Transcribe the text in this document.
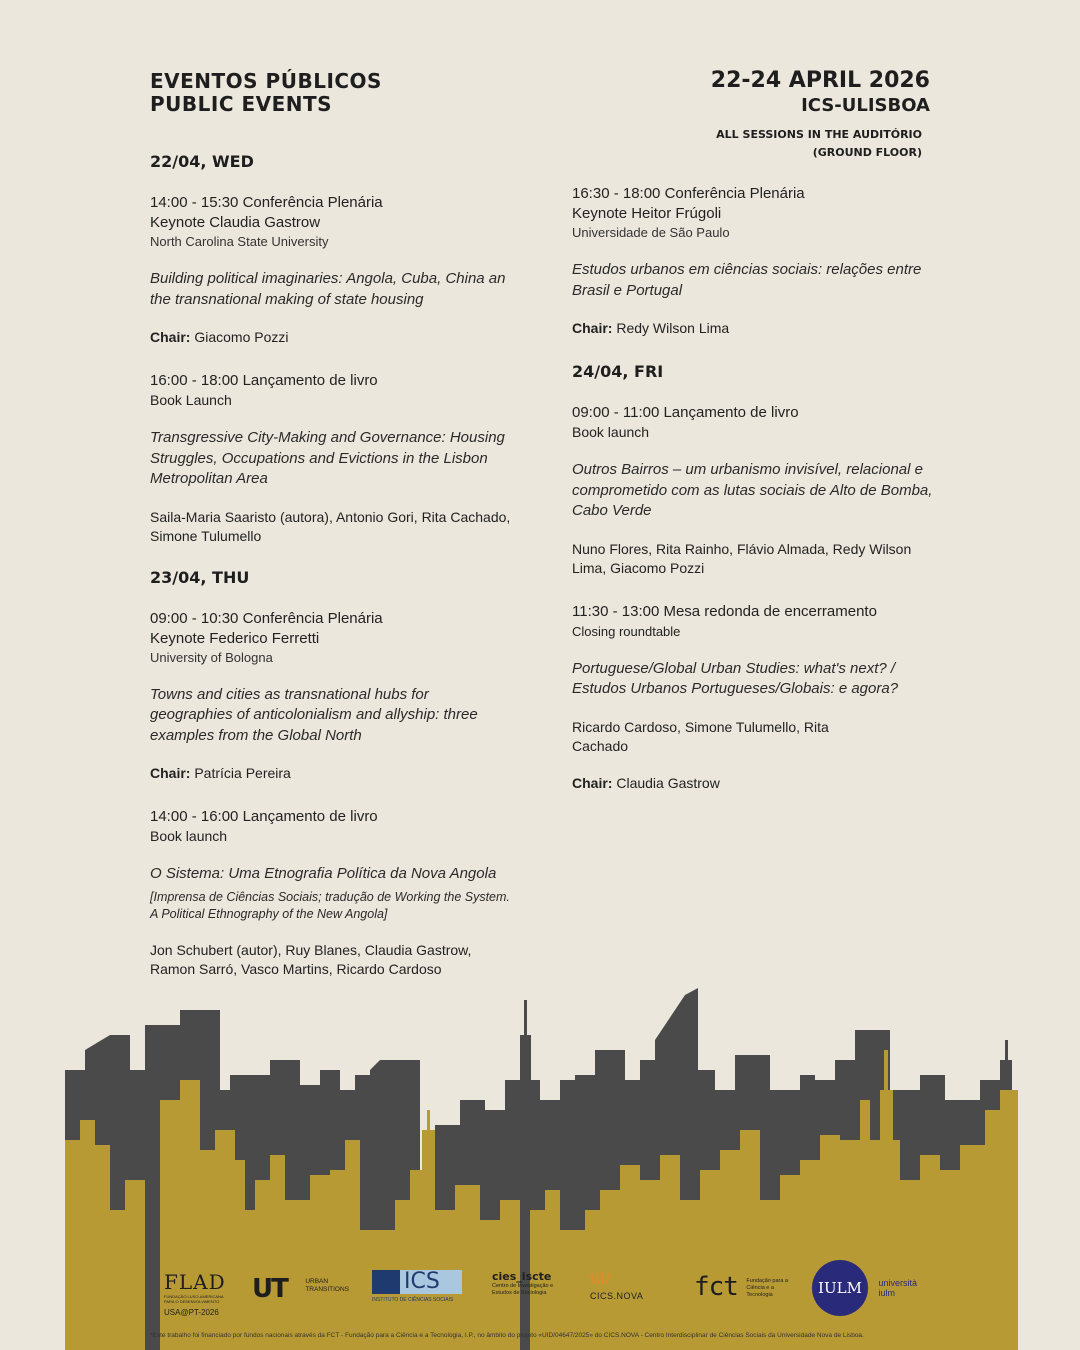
EVENTOS PÚBLICOS
PUBLIC EVENTS
22-24 APRIL 2026
ICS-ULISBOA
ALL SESSIONS IN THE AUDITÓRIO
(GROUND FLOOR)
22/04, WED
14:00 - 15:30 Conferência Plenária
Keynote Claudia Gastrow
North Carolina State University
Building political imaginaries: Angola, Cuba, China an the transnational making of state housing
Chair: Giacomo Pozzi
16:00 - 18:00 Lançamento de livro
Book Launch
Transgressive City-Making and Governance: Housing Struggles, Occupations and Evictions in the Lisbon Metropolitan Area
Saila-Maria Saaristo (autora), Antonio Gori, Rita Cachado, Simone Tulumello
23/04, THU
09:00 - 10:30 Conferência Plenária
Keynote Federico Ferretti
University of Bologna
Towns and cities as transnational hubs for geographies of anticolonialism and allyship: three examples from the Global North
Chair: Patrícia Pereira
14:00 - 16:00 Lançamento de livro
Book launch
O Sistema: Uma Etnografia Política da Nova Angola
[Imprensa de Ciências Sociais; tradução de Working the System. A Political Ethnography of the New Angola]
Jon Schubert (autor), Ruy Blanes, Claudia Gastrow, Ramon Sarró, Vasco Martins, Ricardo Cardoso
16:30 - 18:00 Conferência Plenária
Keynote Heitor Frúgoli
Universidade de São Paulo
Estudos urbanos em ciências sociais: relações entre Brasil e Portugal
Chair: Redy Wilson Lima
24/04, FRI
09:00 - 11:00 Lançamento de livro
Book launch
Outros Bairros – um urbanismo invisível, relacional e comprometido com as lutas sociais de Alto de Bomba, Cabo Verde
Nuno Flores, Rita Rainho, Flávio Almada, Redy Wilson Lima, Giacomo Pozzi
11:30 - 13:00 Mesa redonda de encerramento
Closing roundtable
Portuguese/Global Urban Studies: what's next? / Estudos Urbanos Portugueses/Globais: e agora?
Ricardo Cardoso, Simone Tulumello, Rita Cachado
Chair: Claudia Gastrow
FLAD
FUNDAÇÃO LUSO-AMERICANA PARA O DESENVOLVIMENTO
USA@PT-2026
UT	URBAN TRANSITIONS ICS
INSTITUTO DE CIÊNCIAS SOCIAIS
cies_iscte
Centro de Investigação e Estudos de Sociologia	CICS.NOVA	fct Fundação para a Ciência e a Tecnologia	IULM università iulm
*Este trabalho foi financiado por fundos nacionais através da FCT - Fundação para a Ciência e a Tecnologia, I.P., no âmbito do projeto «UID/04647/2025» do CICS.NOVA - Centro Interdisciplinar de Ciências Sociais da Universidade Nova de Lisboa.
